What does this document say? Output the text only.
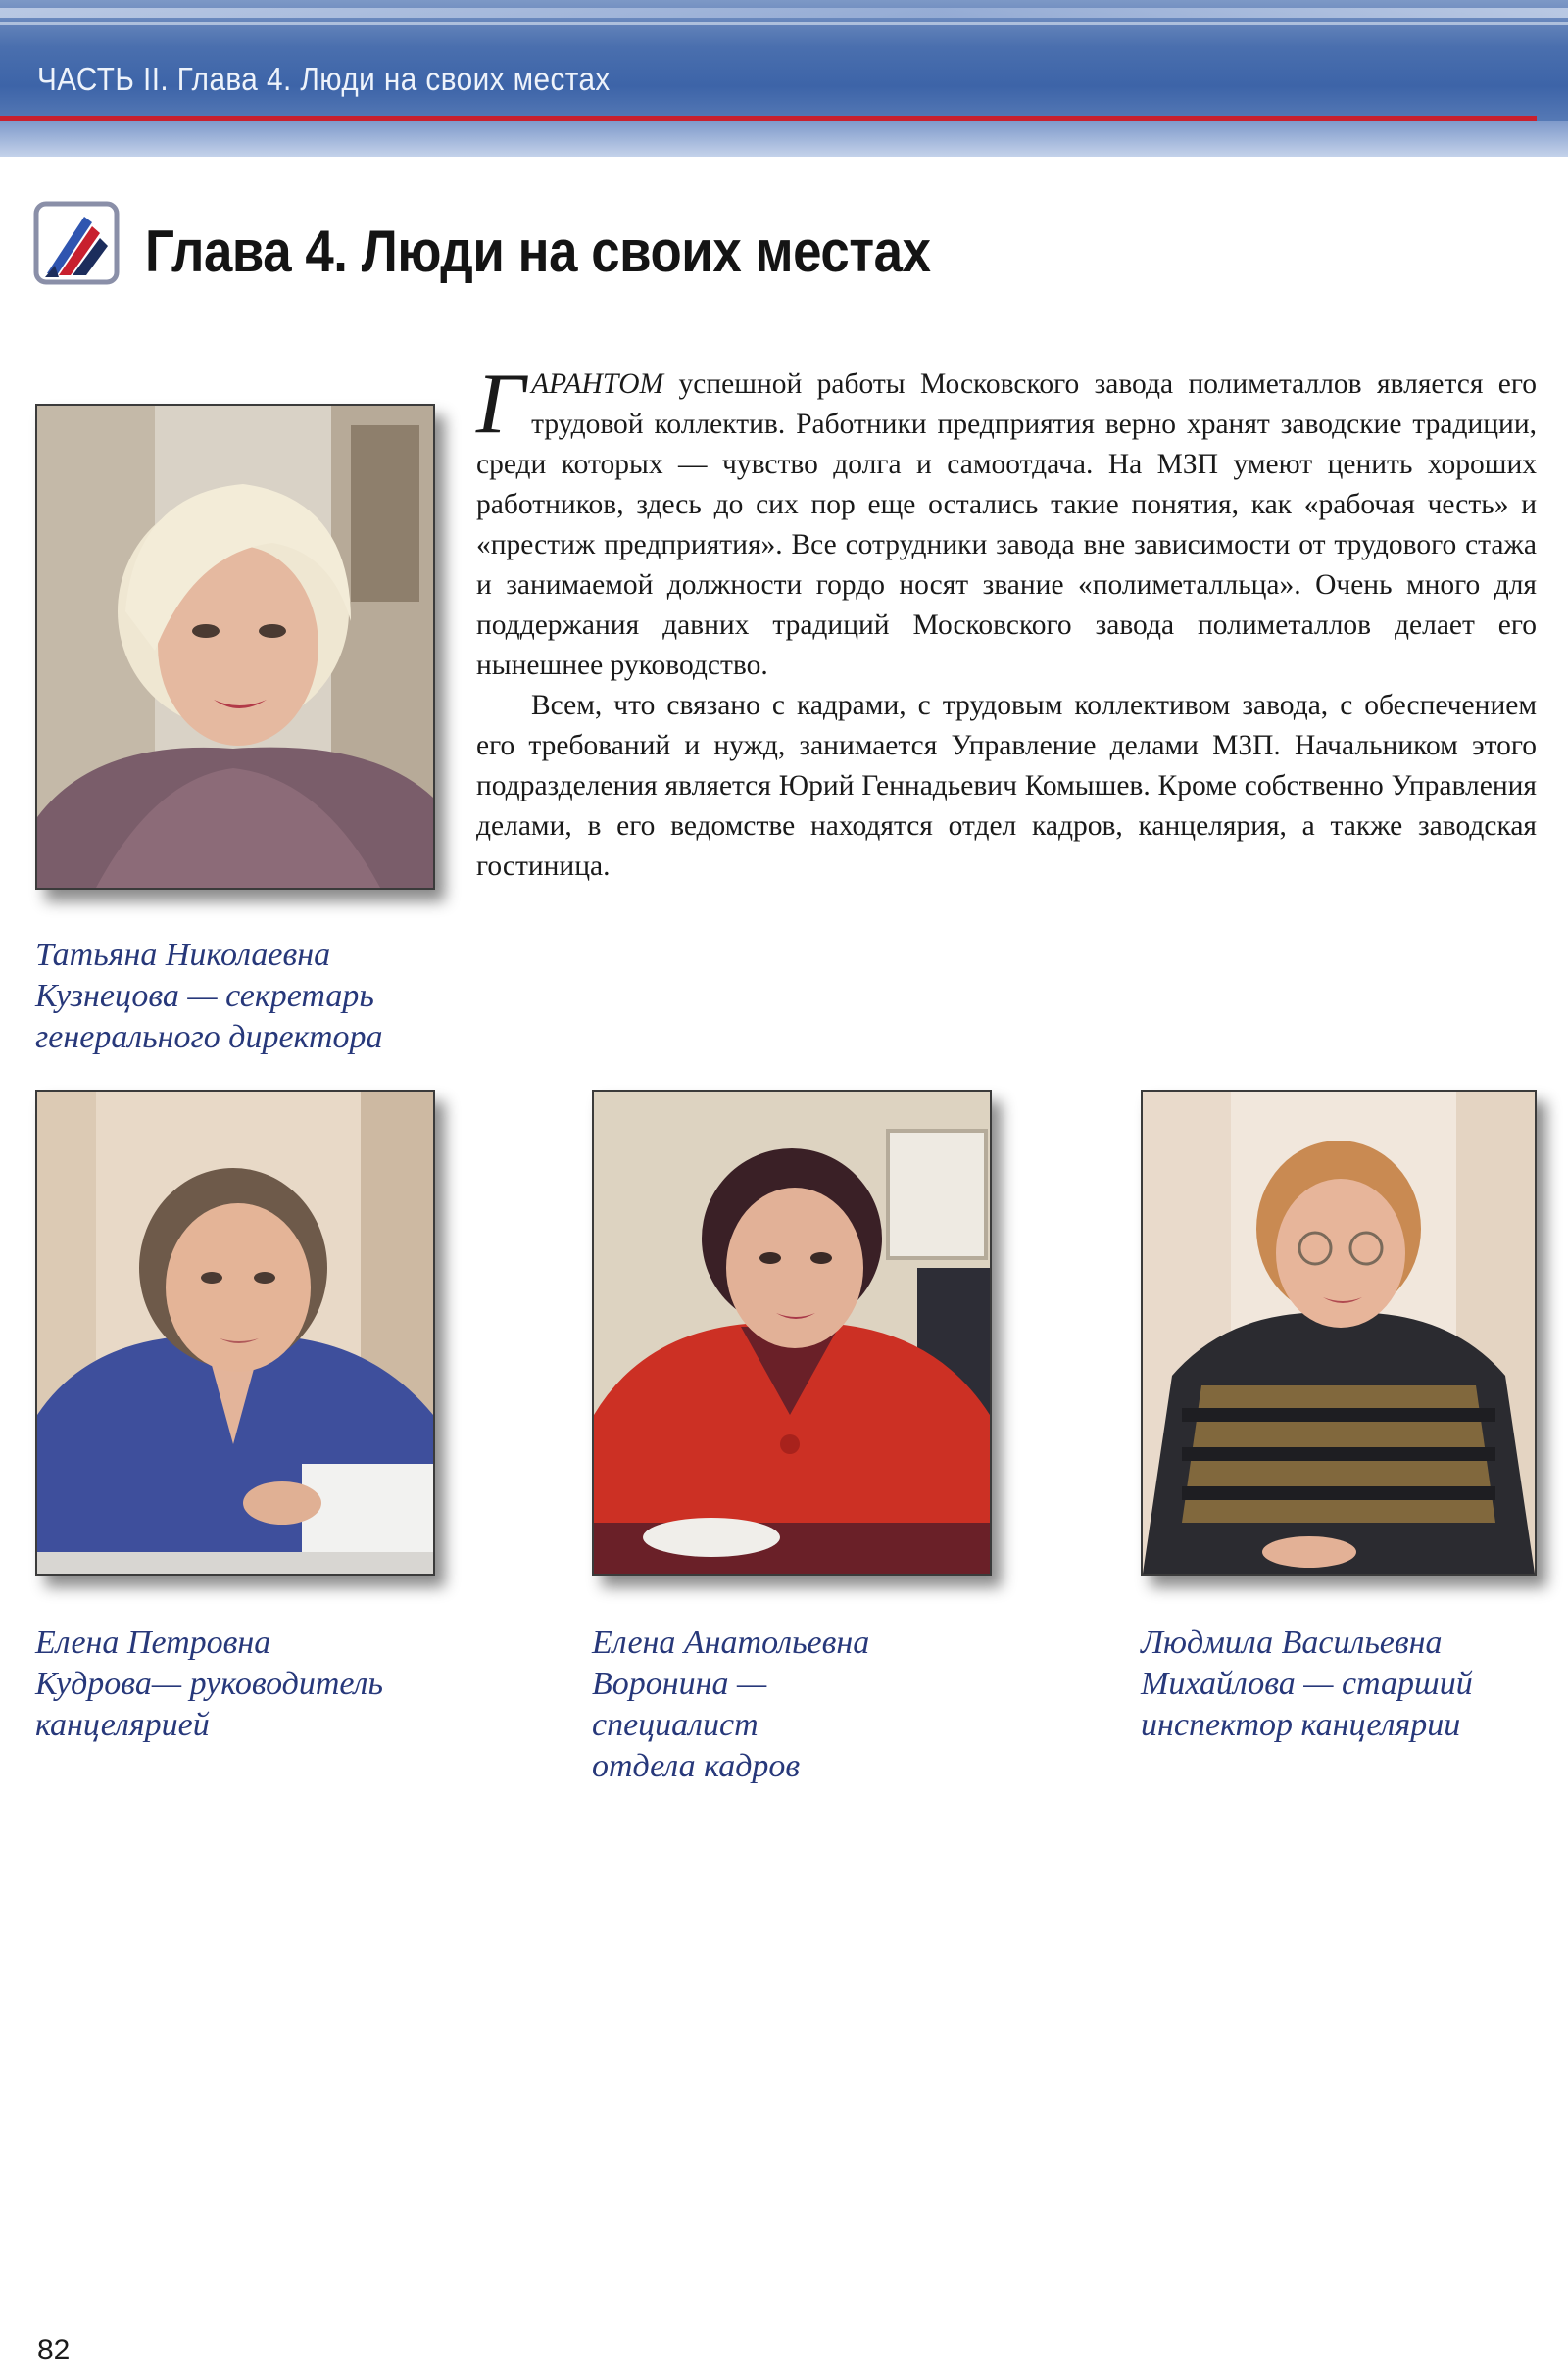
ЧАСТЬ II. Глава 4. Люди на своих местах
Глава 4. Люди на своих местах
Татьяна Николаевна
Кузнецова — секретарь
генерального директора

ГАРАНТОМ успешной работы Московского завода полиметаллов является его трудовой коллектив. Работники предприятия верно хранят заводские традиции, среди которых — чувство долга и самоотдача. На МЗП умеют ценить хороших работников, здесь до сих пор еще остались такие понятия, как «рабочая честь» и «престиж предприятия». Все сотрудники завода вне зависимости от трудового стажа и занимаемой должности гордо носят звание «полиметалльца». Очень много для поддержания давних традиций Московского завода полиметаллов делает его нынешнее руководство.

Всем, что связано с кадрами, с трудовым коллективом завода, с обеспечением его требований и нужд, занимается Управление делами МЗП. Начальником этого подразделения является Юрий Геннадьевич Комышев. Кроме собственно Управления делами, в его ведомстве находятся отдел кадров, канцелярия, а также заводская гостиница.

Елена Петровна
Кудрова— руководитель
канцелярией
Елена Анатольевна
Воронина —
специалист
отдела кадров
Людмила Васильевна
Михайлова — старший
инспектор канцелярии
82
